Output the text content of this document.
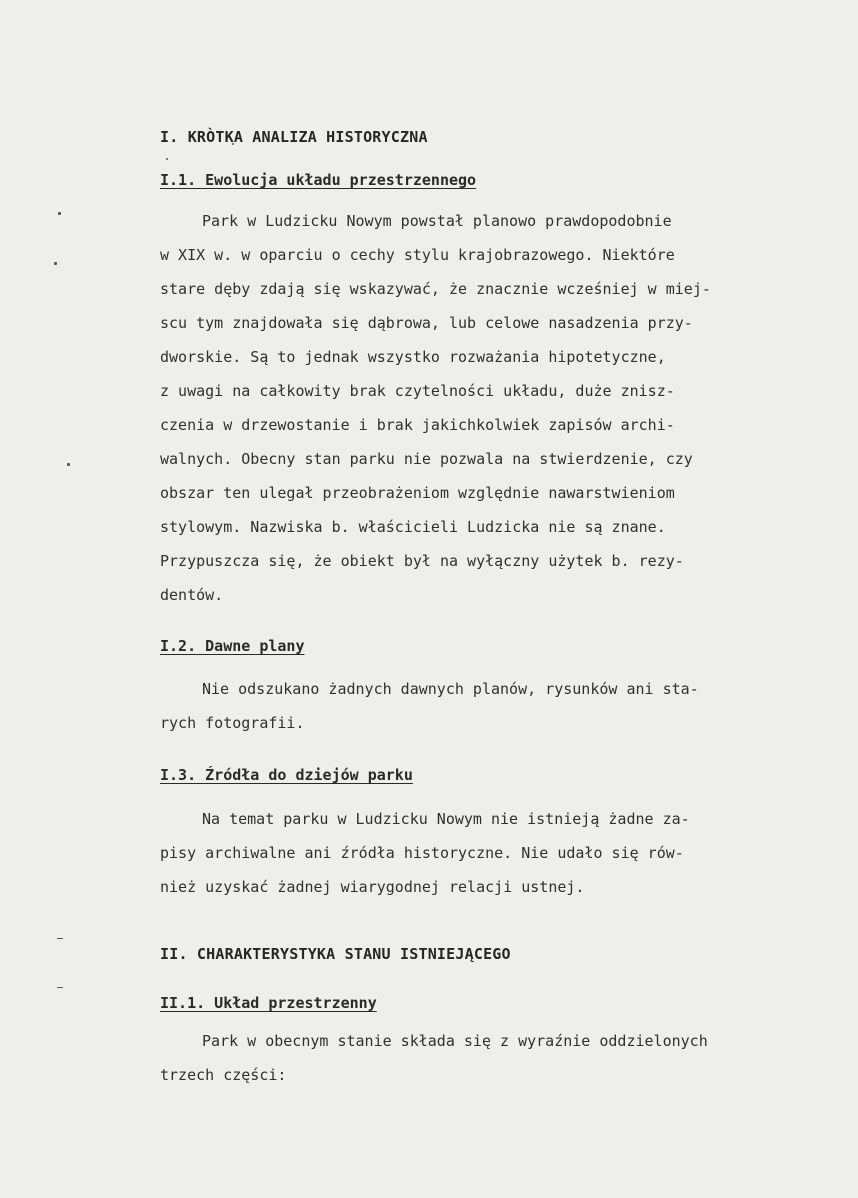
I. KRÒTKA ANALIZA HISTORYCZNA
I.1. Ewolucja układu przestrzennego
Park w Ludzicku Nowym powstał planowo prawdopodobnie
w XIX w. w oparciu o cechy stylu krajobrazowego. Niektóre
stare dęby zdają się wskazywać, że znacznie wcześniej w miej-
scu tym znajdowała się dąbrowa, lub celowe nasadzenia przy-
dworskie. Są to jednak wszystko rozważania hipotetyczne,
z uwagi na całkowity brak czytelności układu, duże znisz-
czenia w drzewostanie i brak jakichkolwiek zapisów archi-
walnych. Obecny stan parku nie pozwala na stwierdzenie, czy
obszar ten ulegał przeobrażeniom względnie nawarstwieniom
stylowym. Nazwiska b. właścicieli Ludzicka nie są znane.
Przypuszcza się, że obiekt był na wyłączny użytek b. rezy-
dentów.
I.2. Dawne plany
Nie odszukano żadnych dawnych planów, rysunków ani sta-
rych fotografii.
I.3. Źródła do dziejów parku
Na temat parku w Ludzicku Nowym nie istnieją żadne za-
pisy archiwalne ani źródła historyczne. Nie udało się rów-
nież uzyskać żadnej wiarygodnej relacji ustnej.
II. CHARAKTERYSTYKA STANU ISTNIEJĄCEGO
II.1. Układ przestrzenny
Park w obecnym stanie składa się z wyraźnie oddzielonych
trzech części:
